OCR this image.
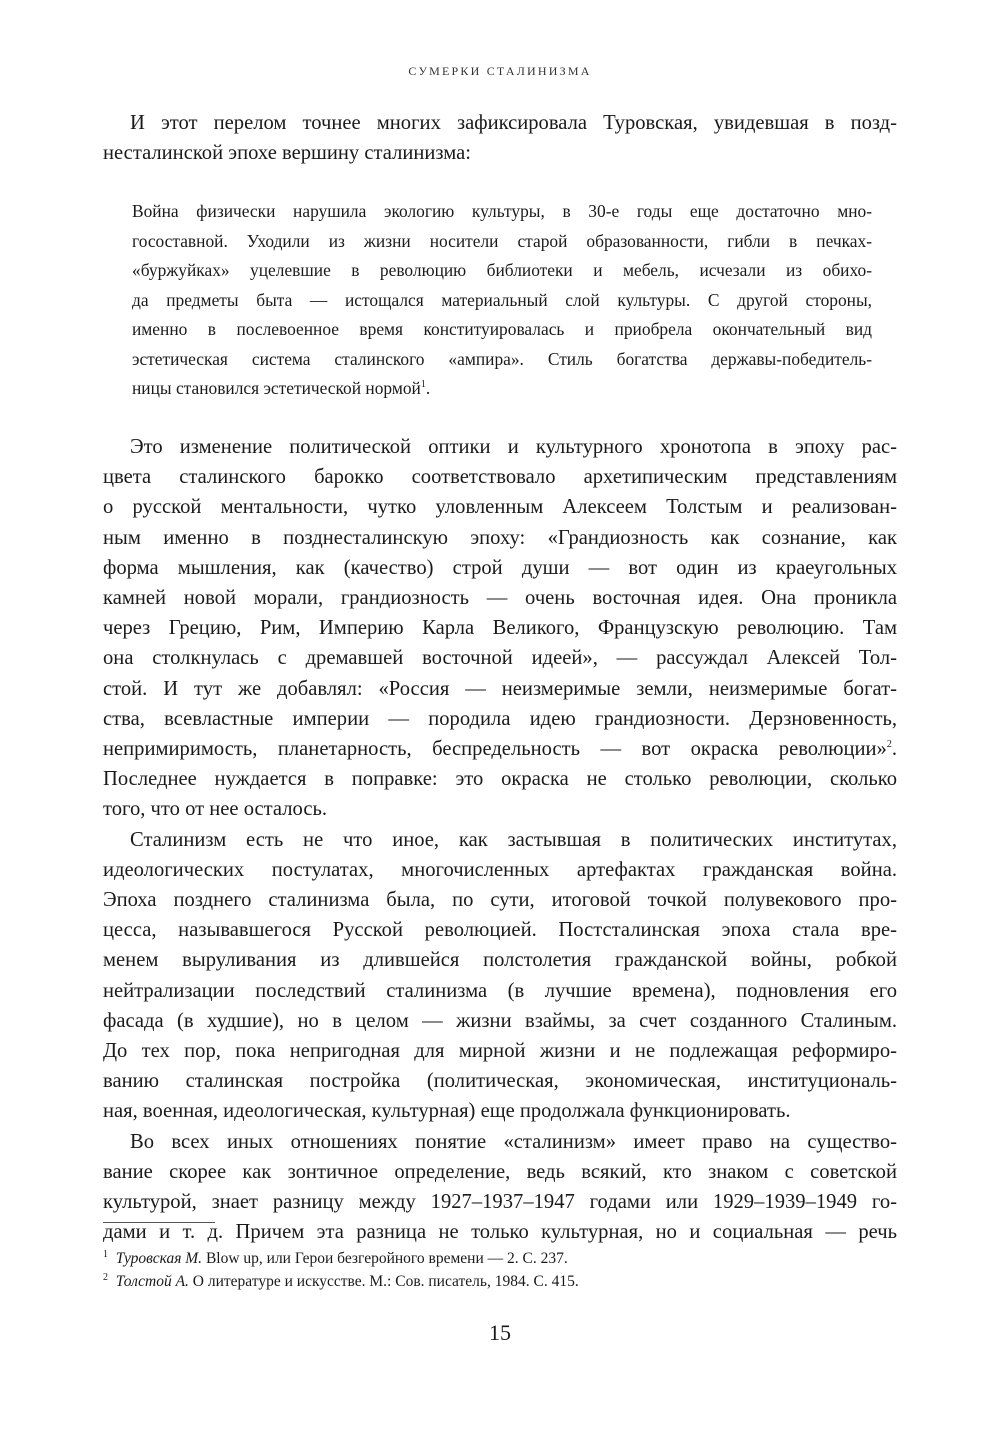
СУМЕРКИ СТАЛИНИЗМА
И этот перелом точнее многих зафиксировала Туровская, увидевшая в позд-
несталинской эпохе вершину сталинизма:
Война физически нарушила экологию культуры, в 30-е годы еще достаточно мно-
госоставной. Уходили из жизни носители старой образованности, гибли в печках-
«буржуйках» уцелевшие в революцию библиотеки и мебель, исчезали из обихо-
да предметы быта — истощался материальный слой культуры. С другой стороны,
именно в послевоенное время конституировалась и приобрела окончательный вид
эстетическая система сталинского «ампира». Стиль богатства державы-победитель-
ницы становился эстетической нормой$^1$.
Это изменение политической оптики и культурного хронотопа в эпоху рас-
цвета сталинского барокко соответствовало архетипическим представлениям
о русской ментальности, чутко уловленным Алексеем Толстым и реализован-
ным именно в позднесталинскую эпоху: «Грандиозность как сознание, как
форма мышления, как (качество) строй души — вот один из краеугольных
камней новой морали, грандиозность — очень восточная идея. Она проникла
через Грецию, Рим, Империю Карла Великого, Французскую революцию. Там
она столкнулась с дремавшей восточной идеей», — рассуждал Алексей Тол-
стой. И тут же добавлял: «Россия — неизмеримые земли, неизмеримые богат-
ства, всевластные империи — породила идею грандиозности. Дерзновенность,
непримиримость, планетарность, беспредельность — вот окраска революции»$^2$.
Последнее нуждается в поправке: это окраска не столько революции, сколько
того, что от нее осталось.
Сталинизм есть не что иное, как застывшая в политических институтах,
идеологических постулатах, многочисленных артефактах гражданская война.
Эпоха позднего сталинизма была, по сути, итоговой точкой полувекового про-
цесса, называвшегося Русской революцией. Постсталинская эпоха стала вре-
менем выруливания из длившейся полстолетия гражданской войны, робкой
нейтрализации последствий сталинизма (в лучшие времена), подновления его
фасада (в худшие), но в целом — жизни взаймы, за счет созданного Сталиным.
До тех пор, пока непригодная для мирной жизни и не подлежащая реформиро-
ванию сталинская постройка (политическая, экономическая, институциональ-
ная, военная, идеологическая, культурная) еще продолжала функционировать.
Во всех иных отношениях понятие «сталинизм» имеет право на существо-
вание скорее как зонтичное определение, ведь всякий, кто знаком с советской
культурой, знает разницу между 1927–1937–1947 годами или 1929–1939–1949 го-
дами и т. д. Причем эта разница не только культурная, но и социальная — речь
$^1$ Туровская М. Blow up, или Герои безгеройного времени — 2. С. 237.
$^2$ Толстой А. О литературе и искусстве. М.: Сов. писатель, 1984. С. 415.
15
